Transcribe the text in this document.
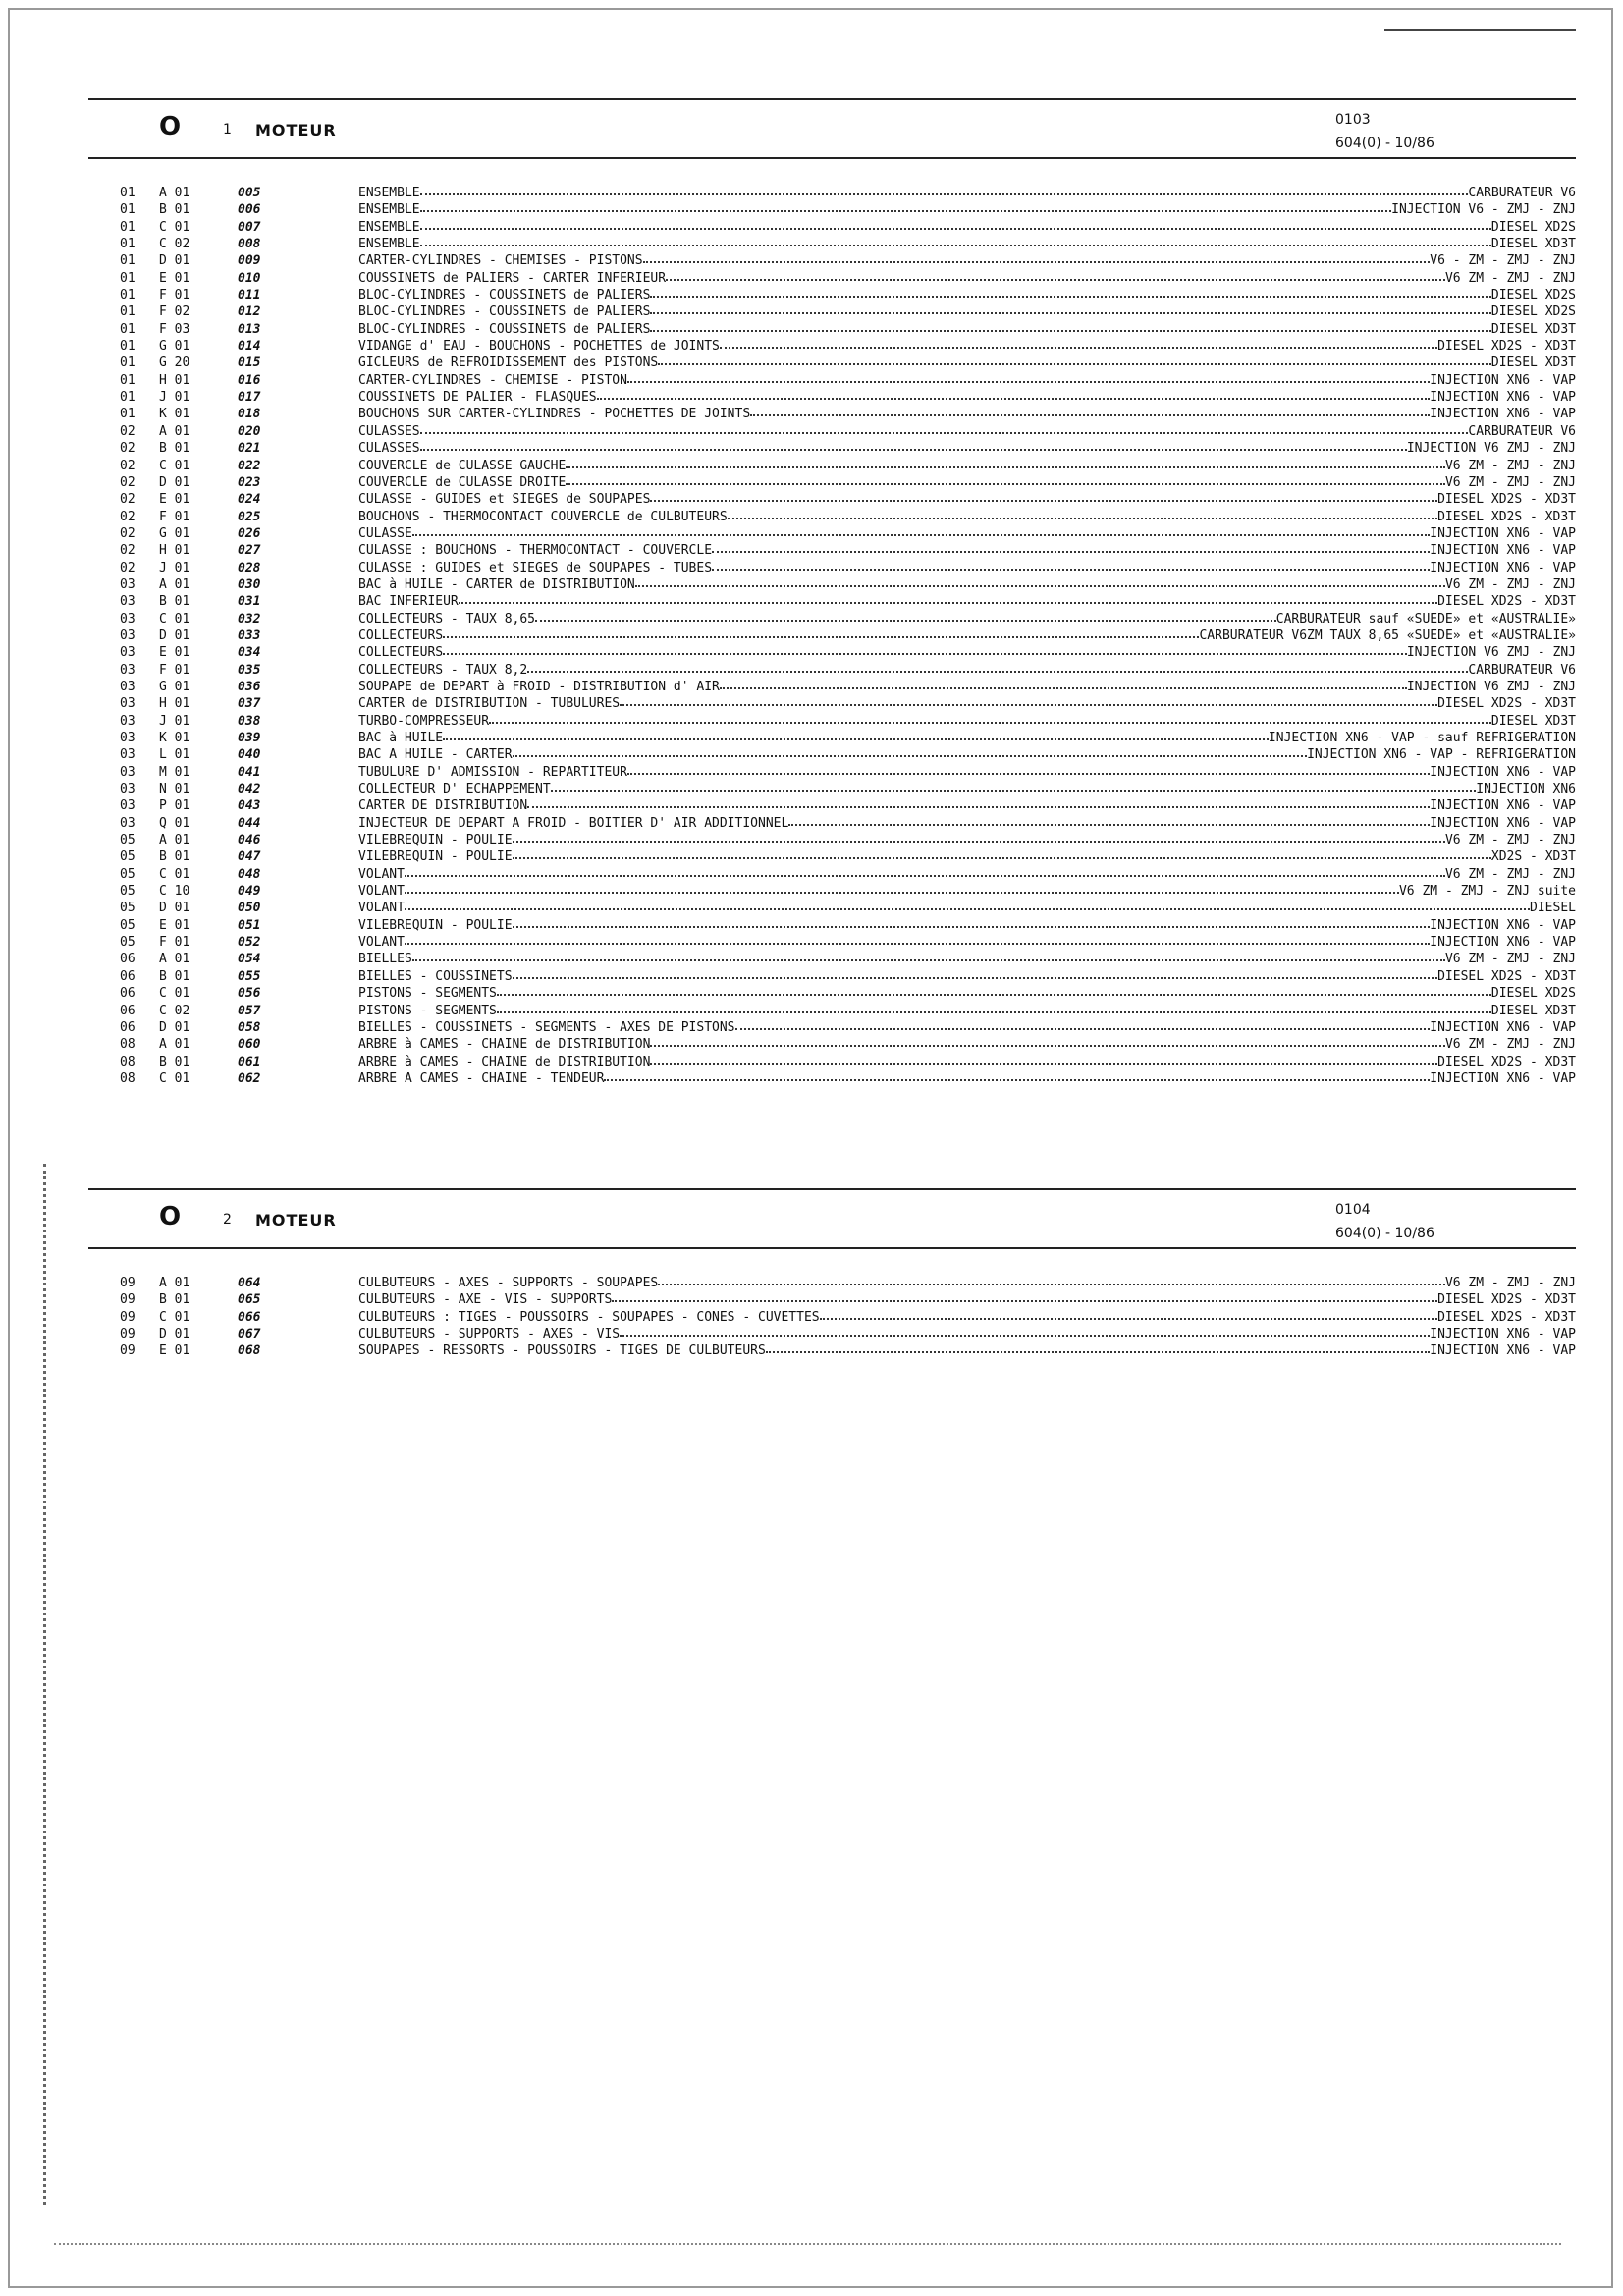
O	1 MOTEUR
0103
604(0) - 10/86
01	A 01	005	ENSEMBLE	CARBURATEUR V6
01	B 01	006	ENSEMBLE	INJECTION V6 - ZMJ - ZNJ
01	C 01	007	ENSEMBLE	DIESEL XD2S
01	C 02	008	ENSEMBLE	DIESEL XD3T
01	D 01	009	CARTER-CYLINDRES - CHEMISES - PISTONS	V6 - ZM - ZMJ - ZNJ
01	E 01	010	COUSSINETS de PALIERS - CARTER INFERIEUR	V6 ZM - ZMJ - ZNJ
01	F 01	011	BLOC-CYLINDRES - COUSSINETS de PALIERS	DIESEL XD2S
01	F 02	012	BLOC-CYLINDRES - COUSSINETS de PALIERS	DIESEL XD2S
01	F 03	013	BLOC-CYLINDRES - COUSSINETS de PALIERS	DIESEL XD3T
01	G 01	014	VIDANGE d' EAU - BOUCHONS - POCHETTES de JOINTS	DIESEL XD2S - XD3T
01	G 20	015	GICLEURS de REFROIDISSEMENT des PISTONS	DIESEL XD3T
01	H 01	016	CARTER-CYLINDRES - CHEMISE - PISTON	INJECTION XN6 - VAP
01	J 01	017	COUSSINETS DE PALIER - FLASQUES	INJECTION XN6 - VAP
01	K 01	018	BOUCHONS SUR CARTER-CYLINDRES - POCHETTES DE JOINTS	INJECTION XN6 - VAP
02	A 01	020	CULASSES	CARBURATEUR V6
02	B 01	021	CULASSES	INJECTION V6 ZMJ - ZNJ
02	C 01	022	COUVERCLE de CULASSE GAUCHE	V6 ZM - ZMJ - ZNJ
02	D 01	023	COUVERCLE de CULASSE DROITE	V6 ZM - ZMJ - ZNJ
02	E 01	024	CULASSE - GUIDES et SIEGES de SOUPAPES	DIESEL XD2S - XD3T
02	F 01	025	BOUCHONS - THERMOCONTACT COUVERCLE de CULBUTEURS	DIESEL XD2S - XD3T
02	G 01	026	CULASSE	INJECTION XN6 - VAP
02	H 01	027	CULASSE : BOUCHONS - THERMOCONTACT - COUVERCLE	INJECTION XN6 - VAP
02	J 01	028	CULASSE : GUIDES et SIEGES de SOUPAPES - TUBES	INJECTION XN6 - VAP
03	A 01	030	BAC à HUILE - CARTER de DISTRIBUTION	V6 ZM - ZMJ - ZNJ
03	B 01	031	BAC INFERIEUR	DIESEL XD2S - XD3T
03	C 01	032	COLLECTEURS - TAUX 8,65	CARBURATEUR sauf «SUEDE» et «AUSTRALIE»
03	D 01	033	COLLECTEURS	CARBURATEUR V6ZM TAUX 8,65 «SUEDE» et «AUSTRALIE»
03	E 01	034	COLLECTEURS	INJECTION V6 ZMJ - ZNJ
03	F 01	035	COLLECTEURS - TAUX 8,2	CARBURATEUR V6
03	G 01	036	SOUPAPE de DEPART à FROID - DISTRIBUTION d' AIR	INJECTION V6 ZMJ - ZNJ
03	H 01	037	CARTER de DISTRIBUTION - TUBULURES	DIESEL XD2S - XD3T
03	J 01	038	TURBO-COMPRESSEUR	DIESEL XD3T
03	K 01	039	BAC à HUILE	INJECTION XN6 - VAP - sauf REFRIGERATION
03	L 01	040	BAC A HUILE - CARTER	INJECTION XN6 - VAP - REFRIGERATION
03	M 01	041	TUBULURE D' ADMISSION - REPARTITEUR	INJECTION XN6 - VAP
03	N 01	042	COLLECTEUR D' ECHAPPEMENT	INJECTION XN6
03	P 01	043	CARTER DE DISTRIBUTION	INJECTION XN6 - VAP
03	Q 01	044	INJECTEUR DE DEPART A FROID - BOITIER D' AIR ADDITIONNEL	INJECTION XN6 - VAP
05	A 01	046	VILEBREQUIN - POULIE	V6 ZM - ZMJ - ZNJ
05	B 01	047	VILEBREQUIN - POULIE	XD2S - XD3T
05	C 01	048	VOLANT	V6 ZM - ZMJ - ZNJ
05	C 10	049	VOLANT	V6 ZM - ZMJ - ZNJ suite
05	D 01	050	VOLANT	DIESEL
05	E 01	051	VILEBREQUIN - POULIE	INJECTION XN6 - VAP
05	F 01	052	VOLANT	INJECTION XN6 - VAP
06	A 01	054	BIELLES	V6 ZM - ZMJ - ZNJ
06	B 01	055	BIELLES - COUSSINETS	DIESEL XD2S - XD3T
06	C 01	056	PISTONS - SEGMENTS	DIESEL XD2S
06	C 02	057	PISTONS - SEGMENTS	DIESEL XD3T
06	D 01	058	BIELLES - COUSSINETS - SEGMENTS - AXES DE PISTONS	INJECTION XN6 - VAP
08	A 01	060	ARBRE à CAMES - CHAINE de DISTRIBUTION	V6 ZM - ZMJ - ZNJ
08	B 01	061	ARBRE à CAMES - CHAINE de DISTRIBUTION	DIESEL XD2S - XD3T
08	C 01	062	ARBRE A CAMES - CHAINE - TENDEUR	INJECTION XN6 - VAP
O	2 MOTEUR
0104
604(0) - 10/86
09	A 01	064	CULBUTEURS - AXES - SUPPORTS - SOUPAPES	V6 ZM - ZMJ - ZNJ
09	B 01	065	CULBUTEURS - AXE - VIS - SUPPORTS	DIESEL XD2S - XD3T
09	C 01	066	CULBUTEURS : TIGES - POUSSOIRS - SOUPAPES - CONES - CUVETTES	DIESEL XD2S - XD3T
09	D 01	067	CULBUTEURS - SUPPORTS - AXES - VIS	INJECTION XN6 - VAP
09	E 01	068	SOUPAPES - RESSORTS - POUSSOIRS - TIGES DE CULBUTEURS	INJECTION XN6 - VAP
